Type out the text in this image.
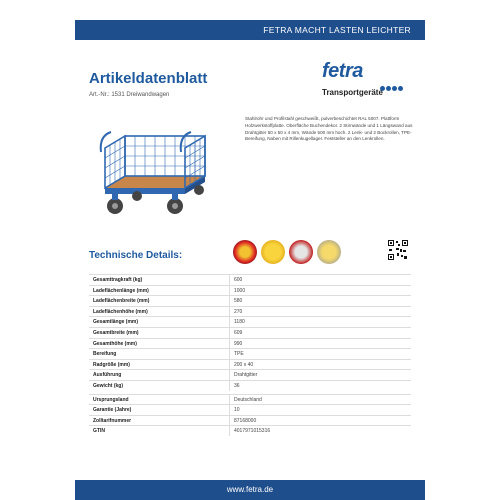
FETRA MACHT LASTEN LEICHTER
Artikeldatenblatt
Art.-Nr.: 1531 Dreiwandwagen
fetra
Transportgeräte
Stahlrohr und Profilstahl geschweißt, pulverbeschichtet RAL 5007. Plattform Holzwerkstoffplatte. Oberfläche Buchendekor. 2 Stirnwände und 1 Längswand aus Drahtgitter 50 x 50 x 4 mm, Wände 500 mm hoch. 2 Lenk- und 2 Bockrollen, TPE-Bereifung, Naben mit Rillenkugellager. Feststeller an den Lenkrollen.
Technische Details:
Gesamttragkraft (kg)	600
Ladeflächenlänge (mm)	1000
Ladeflächenbreite (mm)	580
Ladeflächenhöhe (mm)	270
Gesamtlänge (mm)	1180
Gesamtbreite (mm)	609
Gesamthöhe (mm)	990
Bereifung	TPE
Radgröße (mm)	200 x 40
Ausführung	Drahtgitter
Gewicht (kg)	36
Ursprungsland	Deutschland
Garantie (Jahre)	10
Zolltarifnummer	87168000
GTIN	4017971015316
www.fetra.de
